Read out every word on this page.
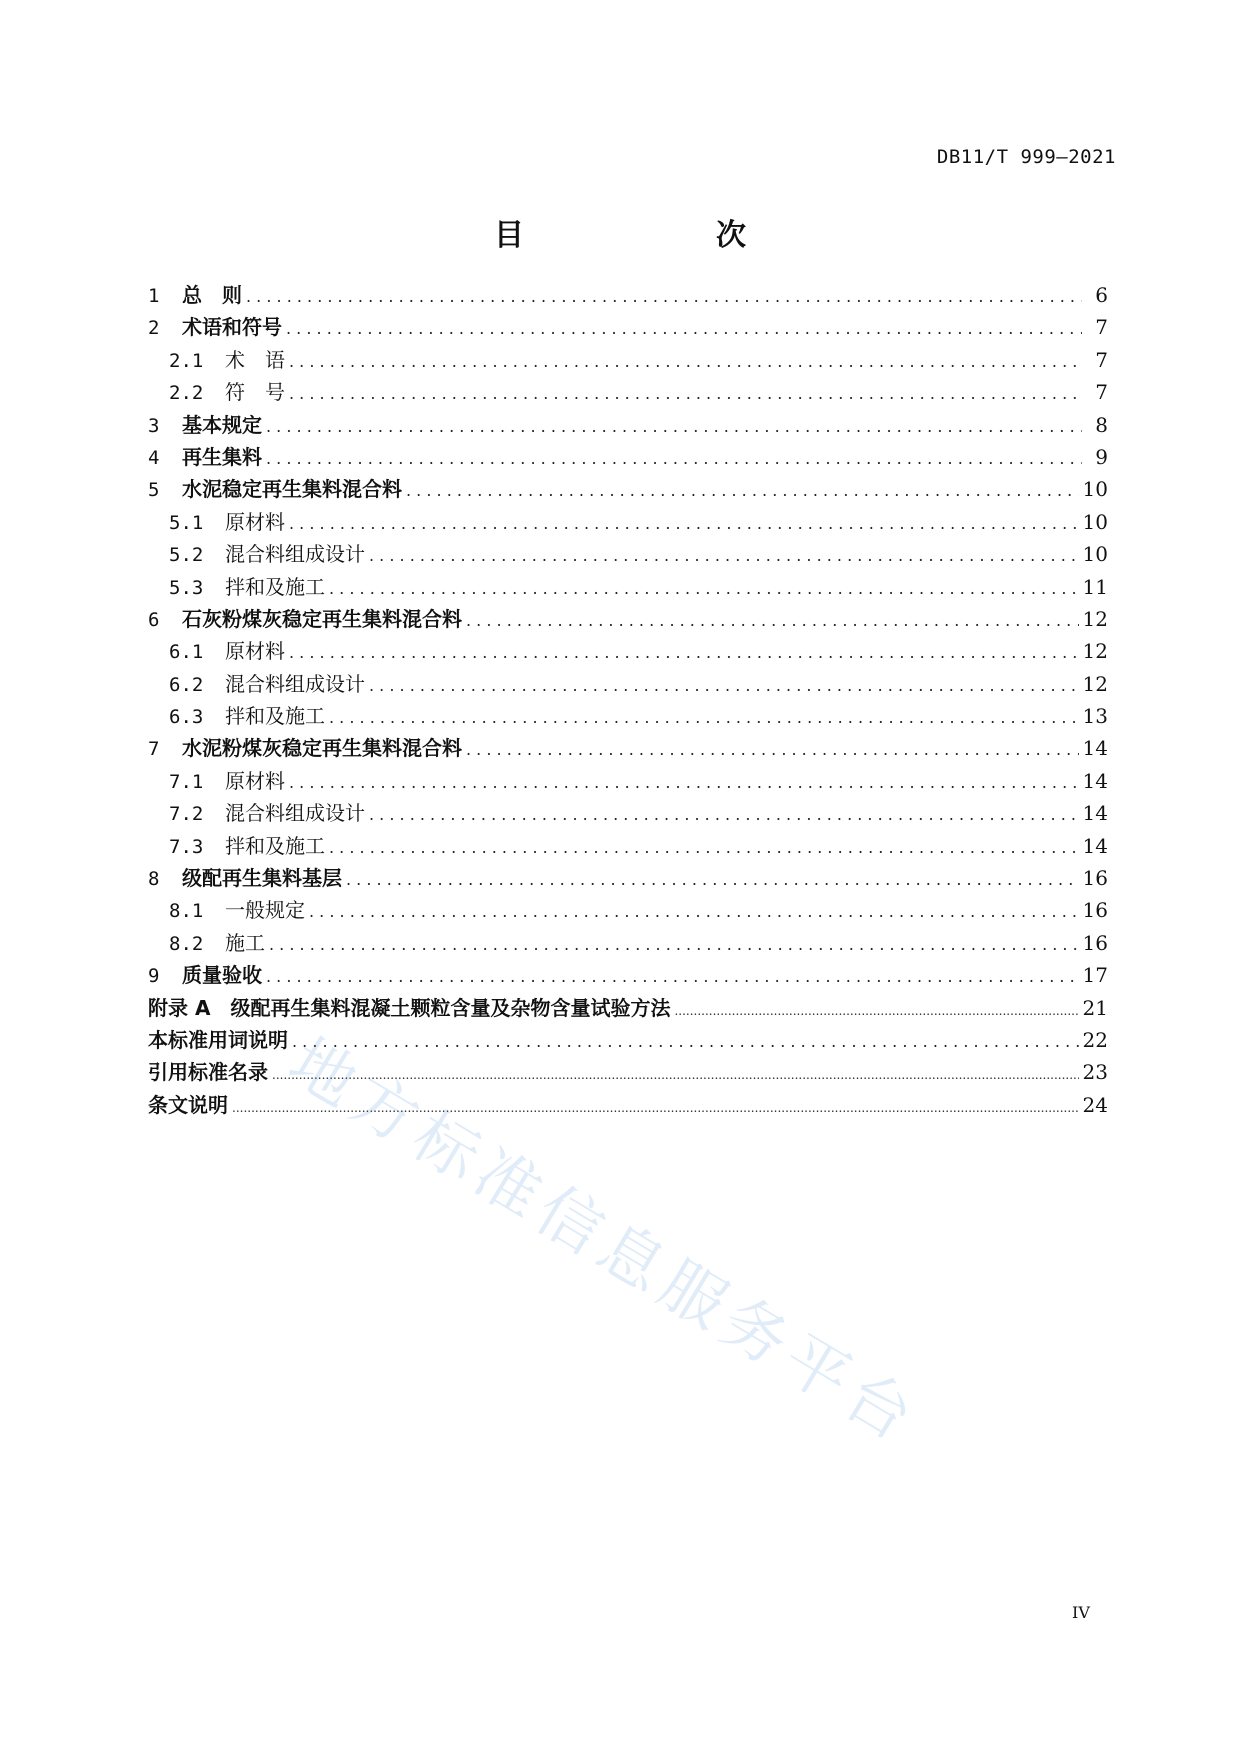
DB11/T 999—2021
目　　次
1	总　则 . . .	6
2	术语和符号 . . .	7
2.1	术　语 . . .	7
2.2	符　号 . . .	7
3	基本规定 . . .	8
4	再生集料 . . .	9
5	水泥稳定再生集料混合料 . . .	10
5.1	原材料 . . .	10
5.2	混合料组成设计 . . .	10
5.3	拌和及施工 . . .	11
6	石灰粉煤灰稳定再生集料混合料 . . .	12
6.1	原材料 . . .	12
6.2	混合料组成设计 . . .	12
6.3	拌和及施工 . . .	13
7	水泥粉煤灰稳定再生集料混合料 . . .	14
7.1	原材料 . . .	14
7.2	混合料组成设计 . . .	14
7.3	拌和及施工 . . .	14
8	级配再生集料基层 . . .	16
8.1	一般规定 . . .	16
8.2	施工 . . .	16
9	质量验收 . . .	17
附录 A　级配再生集料混凝土颗粒含量及杂物含量试验方法 .....	21
本标准用词说明 . . .	22
引用标准名录 .....	23
条文说明 .....	24
地方标准信息服务平台
IV
